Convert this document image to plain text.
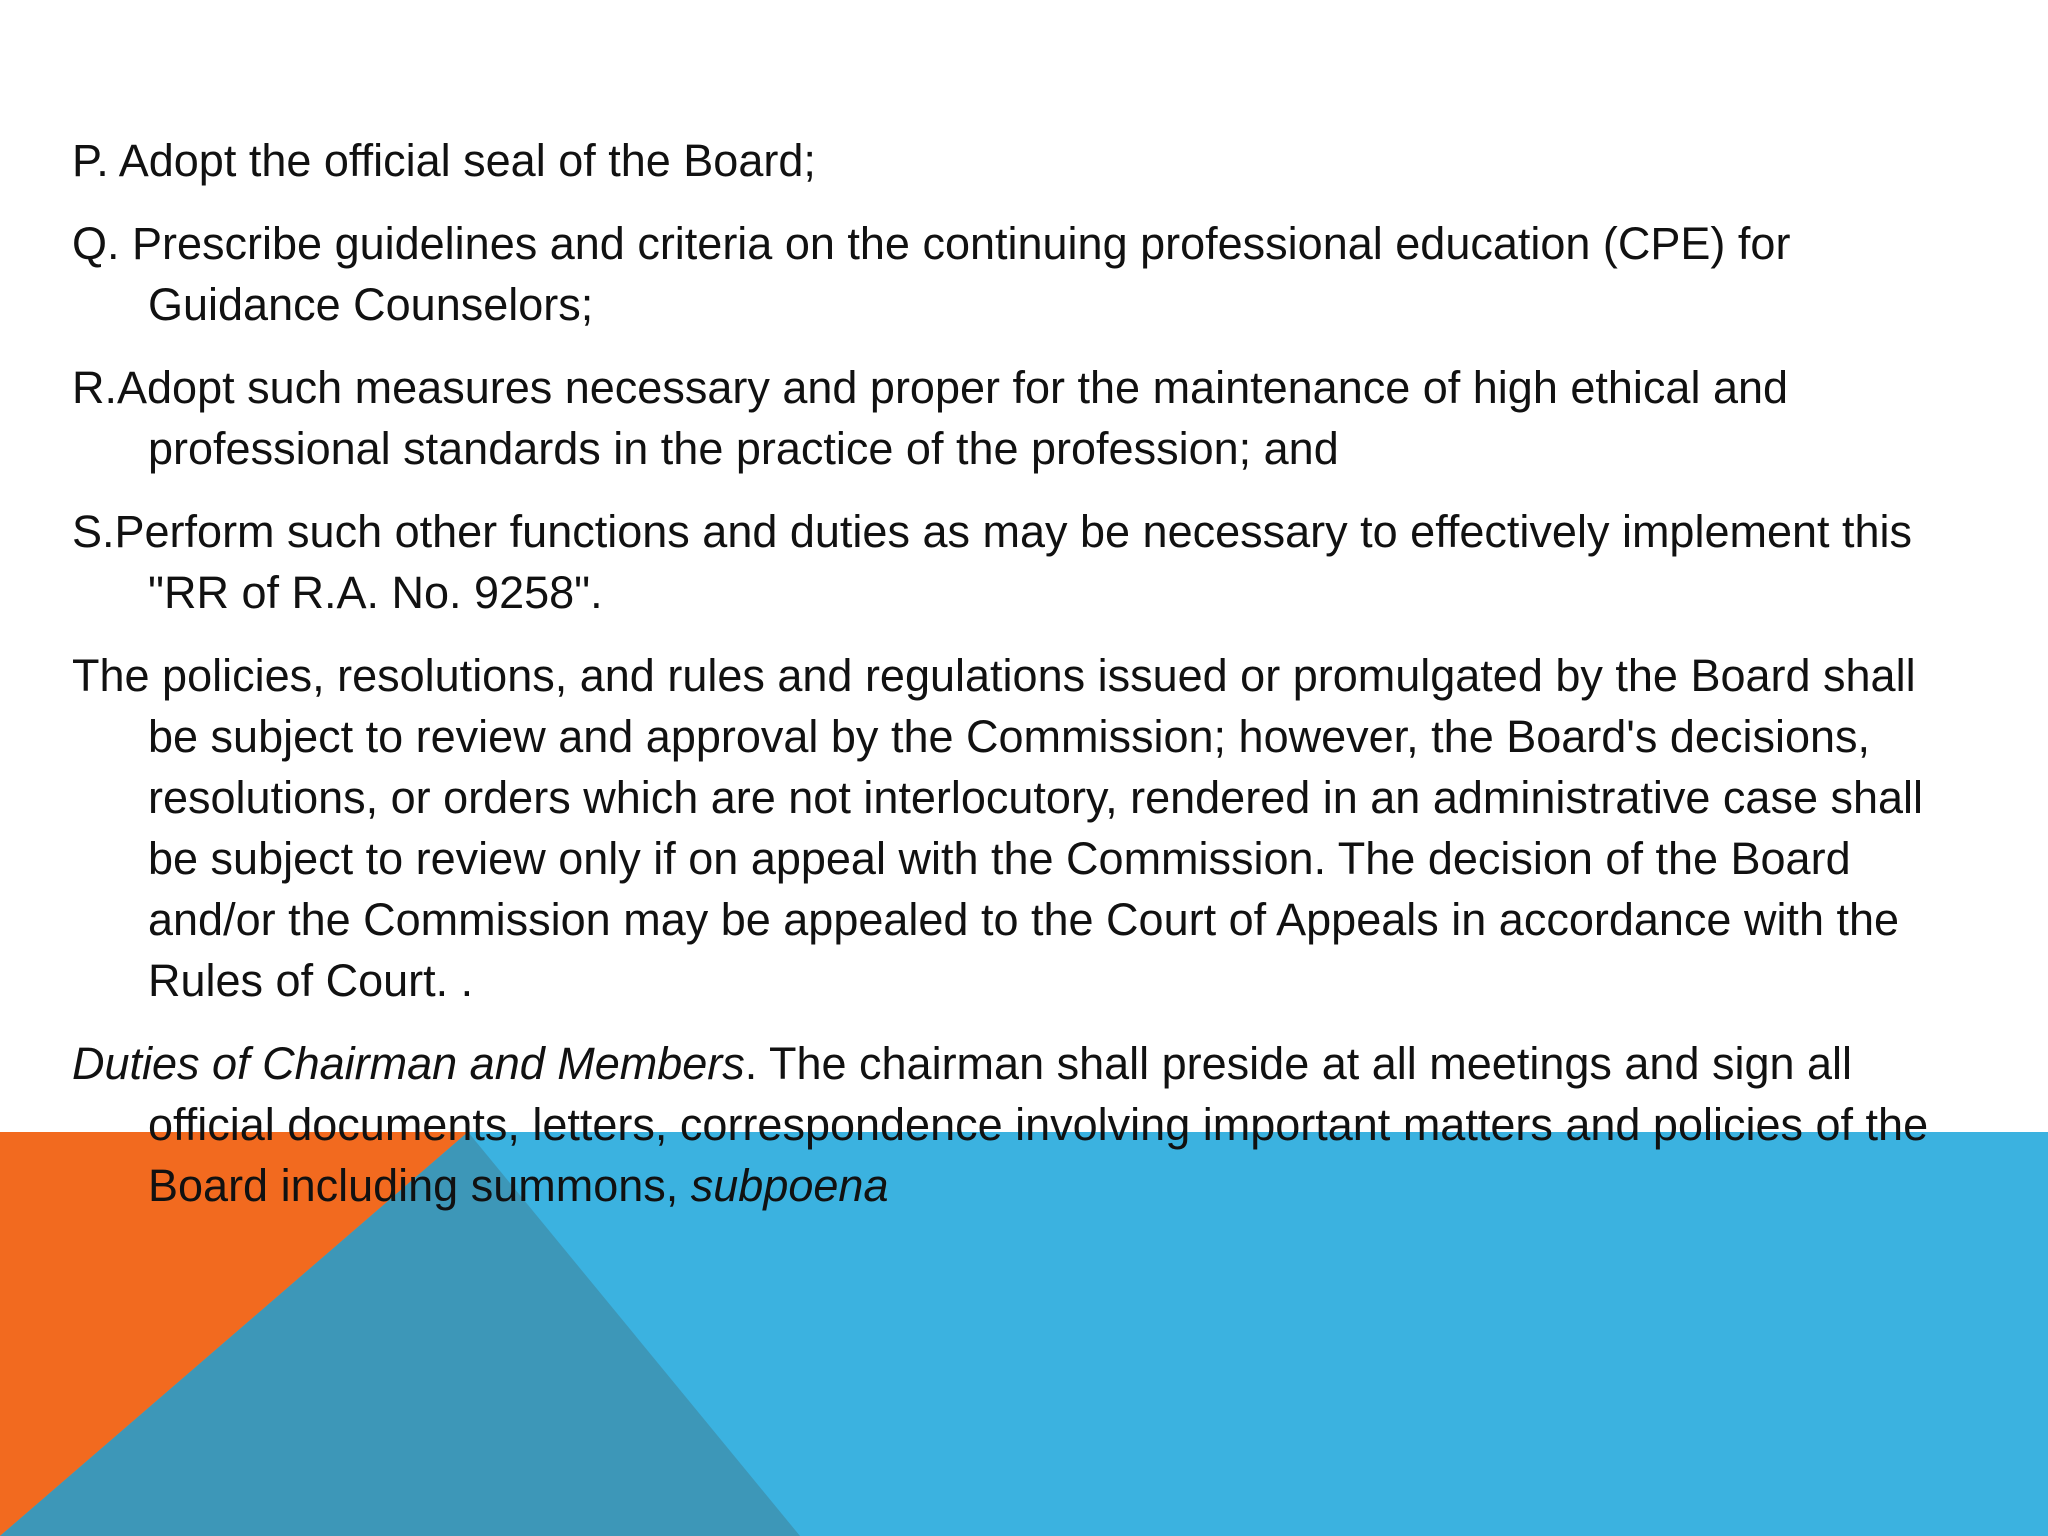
P. Adopt the official seal of the Board;

Q. Prescribe guidelines and criteria on the continuing professional education (CPE) for Guidance Counselors;

R.Adopt such measures necessary and proper for the maintenance of high ethical and professional standards in the practice of the profession; and

S.Perform such other functions and duties as may be necessary to effectively implement this "RR of R.A. No. 9258".

The policies, resolutions, and rules and regulations issued or promulgated by the Board shall be subject to review and approval by the Commission; however, the Board's decisions, resolutions, or orders which are not interlocutory, rendered in an administrative case shall be subject to review only if on appeal with the Commission. The decision of the Board and/or the Commission may be appealed to the Court of Appeals in accordance with the Rules of Court. .

Duties of Chairman and Members. The chairman shall preside at all meetings and sign all official documents, letters, correspondence involving important matters and policies of the Board including summons, subpoena
